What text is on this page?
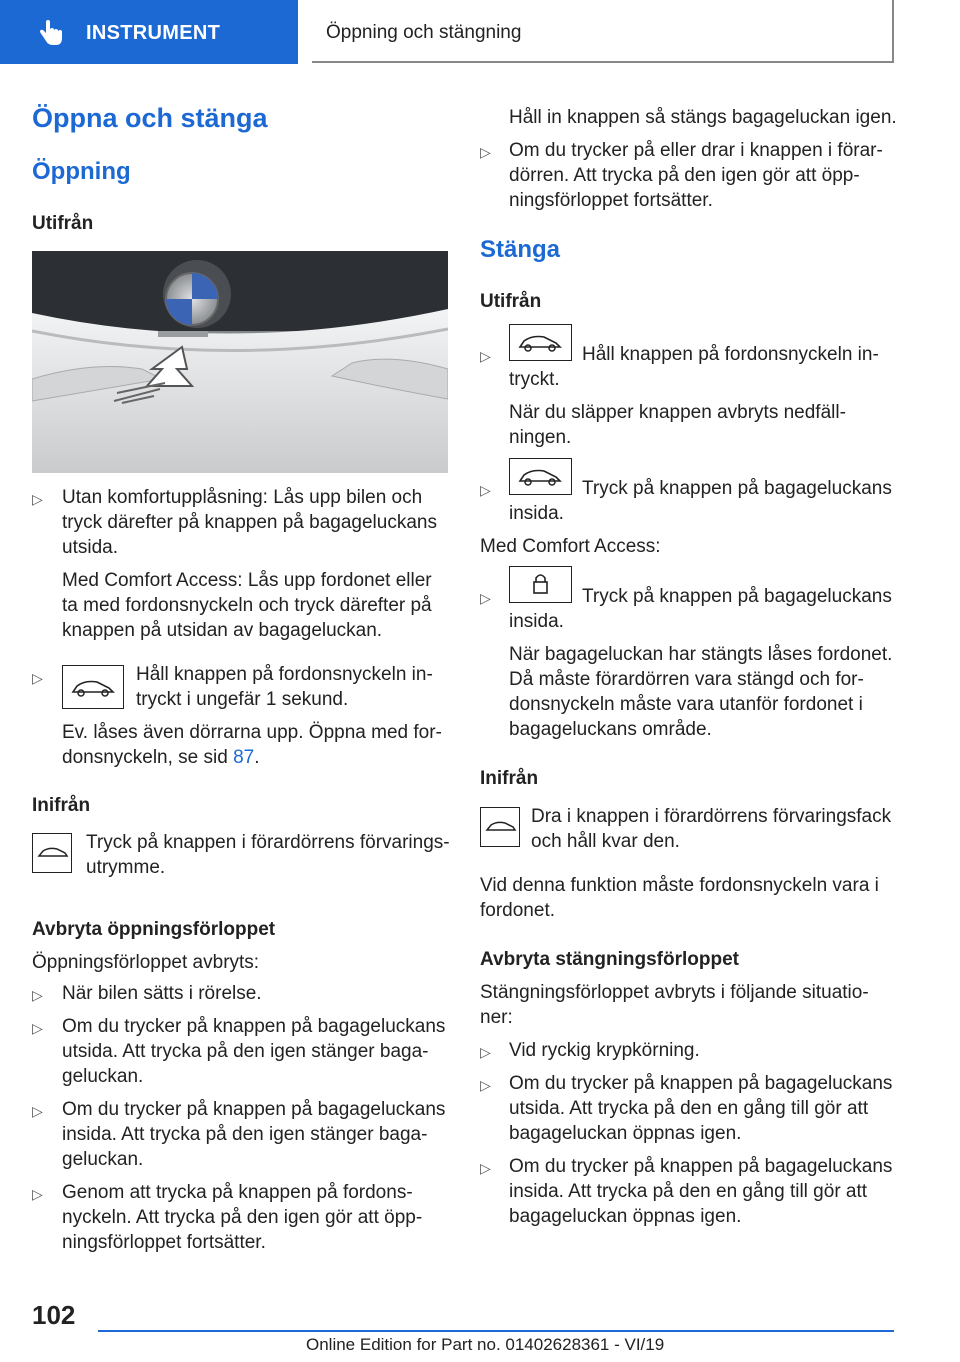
INSTRUMENT	Öppning och stängning
Öppna och stänga
Öppning
Utifrån
▷ Utan komfortupplåsning: Lås upp bilen och
tryck därefter på knappen på bagageluckans
utsida.
Med Comfort Access: Lås upp fordonet eller
ta med fordonsnyckeln och tryck därefter på
knappen på utsidan av bagageluckan.
▷	Håll knappen på fordonsnyckeln in-
tryckt i ungefär 1 sekund.
Ev. låses även dörrarna upp. Öppna med for-
donsnyckeln, se sid 87.
Inifrån
Tryck på knappen i förardörrens förvarings-
utrymme.
Avbryta öppningsförloppet
Öppningsförloppet avbryts:
▷ När bilen sätts i rörelse.
▷ Om du trycker på knappen på bagageluckans
utsida. Att trycka på den igen stänger baga-
geluckan.
▷ Om du trycker på knappen på bagageluckans
insida. Att trycka på den igen stänger baga-
geluckan.
▷ Genom att trycka på knappen på fordons-
nyckeln. Att trycka på den igen gör att öpp-
ningsförloppet fortsätter.
Håll in knappen så stängs bagageluckan igen.
▷ Om du trycker på eller drar i knappen i förar-
dörren. Att trycka på den igen gör att öpp-
ningsförloppet fortsätter.
Stänga
Utifrån
▷	Håll knappen på fordonsnyckeln in-
tryckt.
När du släpper knappen avbryts nedfäll-
ningen.
▷	Tryck på knappen på bagageluckans
insida.
Med Comfort Access:
▷	Tryck på knappen på bagageluckans
insida.
När bagageluckan har stängts låses fordonet.
Då måste förardörren vara stängd och for-
donsnyckeln måste vara utanför fordonet i
bagageluckans område.
Inifrån
Dra i knappen i förardörrens förvaringsfack
och håll kvar den.
Vid denna funktion måste fordonsnyckeln vara i
fordonet.
Avbryta stängningsförloppet
Stängningsförloppet avbryts i följande situatio-
ner:
▷ Vid ryckig krypkörning.
▷ Om du trycker på knappen på bagageluckans
utsida. Att trycka på den en gång till gör att
bagageluckan öppnas igen.
▷ Om du trycker på knappen på bagageluckans
insida. Att trycka på den en gång till gör att
bagageluckan öppnas igen.
102
Online Edition for Part no. 01402628361 - VI/19
